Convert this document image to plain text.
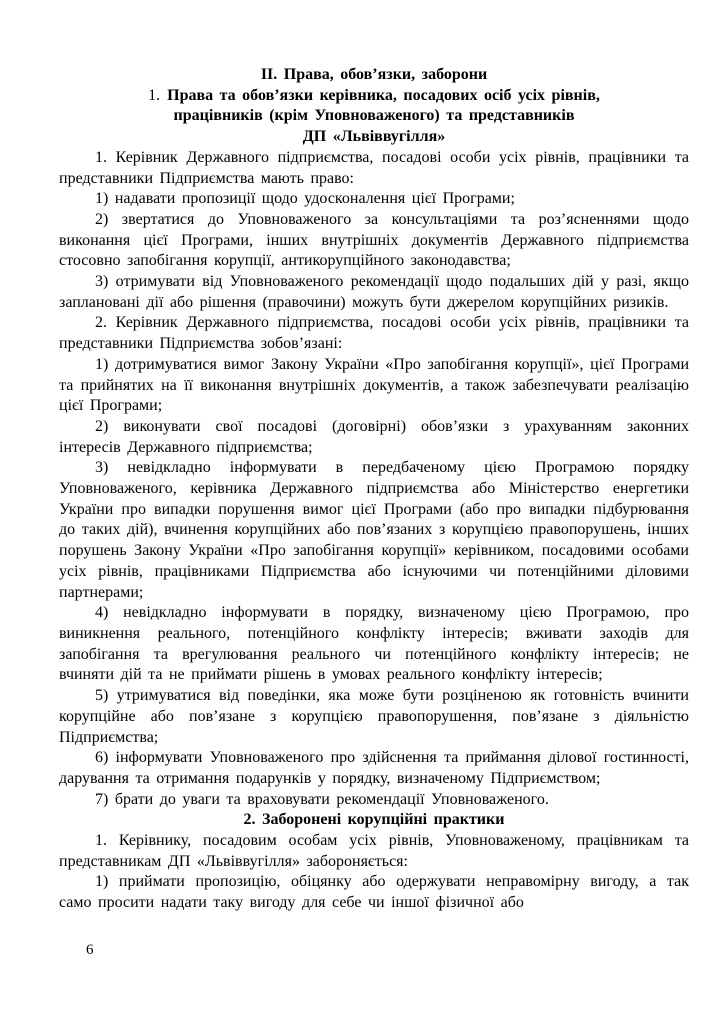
II. Права, обов’язки, заборони
1. Права та обов’язки керівника, посадових осіб усіх рівнів,
працівників (крім Уповноваженого) та представників
ДП «Львіввугілля»

1. Керівник Державного підприємства, посадові особи усіх рівнів, працівники та представники Підприємства мають право:

1) надавати пропозиції щодо удосконалення цієї Програми;

2) звертатися до Уповноваженого за консультаціями та роз’ясненнями щодо виконання цієї Програми, інших внутрішніх документів Державного підприємства стосовно запобігання корупції, антикорупційного законодавства;

3) отримувати від Уповноваженого рекомендації щодо подальших дій у разі, якщо заплановані дії або рішення (правочини) можуть бути джерелом корупційних ризиків.

2. Керівник Державного підприємства, посадові особи усіх рівнів, працівники та представники Підприємства зобов’язані:

1) дотримуватися вимог Закону України «Про запобігання корупції», цієї Програми та прийнятих на її виконання внутрішніх документів, а також забезпечувати реалізацію цієї Програми;

2) виконувати свої посадові (договірні) обов’язки з урахуванням законних інтересів Державного підприємства;

3) невідкладно інформувати в передбаченому цією Програмою порядку Уповноваженого, керівника Державного підприємства або Міністерство енергетики України про випадки порушення вимог цієї Програми (або про випадки підбурювання до таких дій), вчинення корупційних або пов’язаних з корупцією правопорушень, інших порушень Закону України «Про запобігання корупції» керівником, посадовими особами усіх рівнів, працівниками Підприємства або існуючими чи потенційними діловими партнерами;

4) невідкладно інформувати в порядку, визначеному цією Програмою, про виникнення реального, потенційного конфлікту інтересів; вживати заходів для запобігання та врегулювання реального чи потенційного конфлікту інтересів; не вчиняти дій та не приймати рішень в умовах реального конфлікту інтересів;

5) утримуватися від поведінки, яка може бути розціненою як готовність вчинити корупційне або пов’язане з корупцією правопорушення, пов’язане з діяльністю Підприємства;

6) інформувати Уповноваженого про здійснення та приймання ділової гостинності, дарування та отримання подарунків у порядку, визначеному Підприємством;

7) брати до уваги та враховувати рекомендації Уповноваженого.

2. Заборонені корупційні практики

1. Керівнику, посадовим особам усіх рівнів, Уповноваженому, працівникам та представникам ДП «Львіввугілля» забороняється:

1) приймати пропозицію, обіцянку або одержувати неправомірну вигоду, а так само просити надати таку вигоду для себе чи іншої фізичної або

6
